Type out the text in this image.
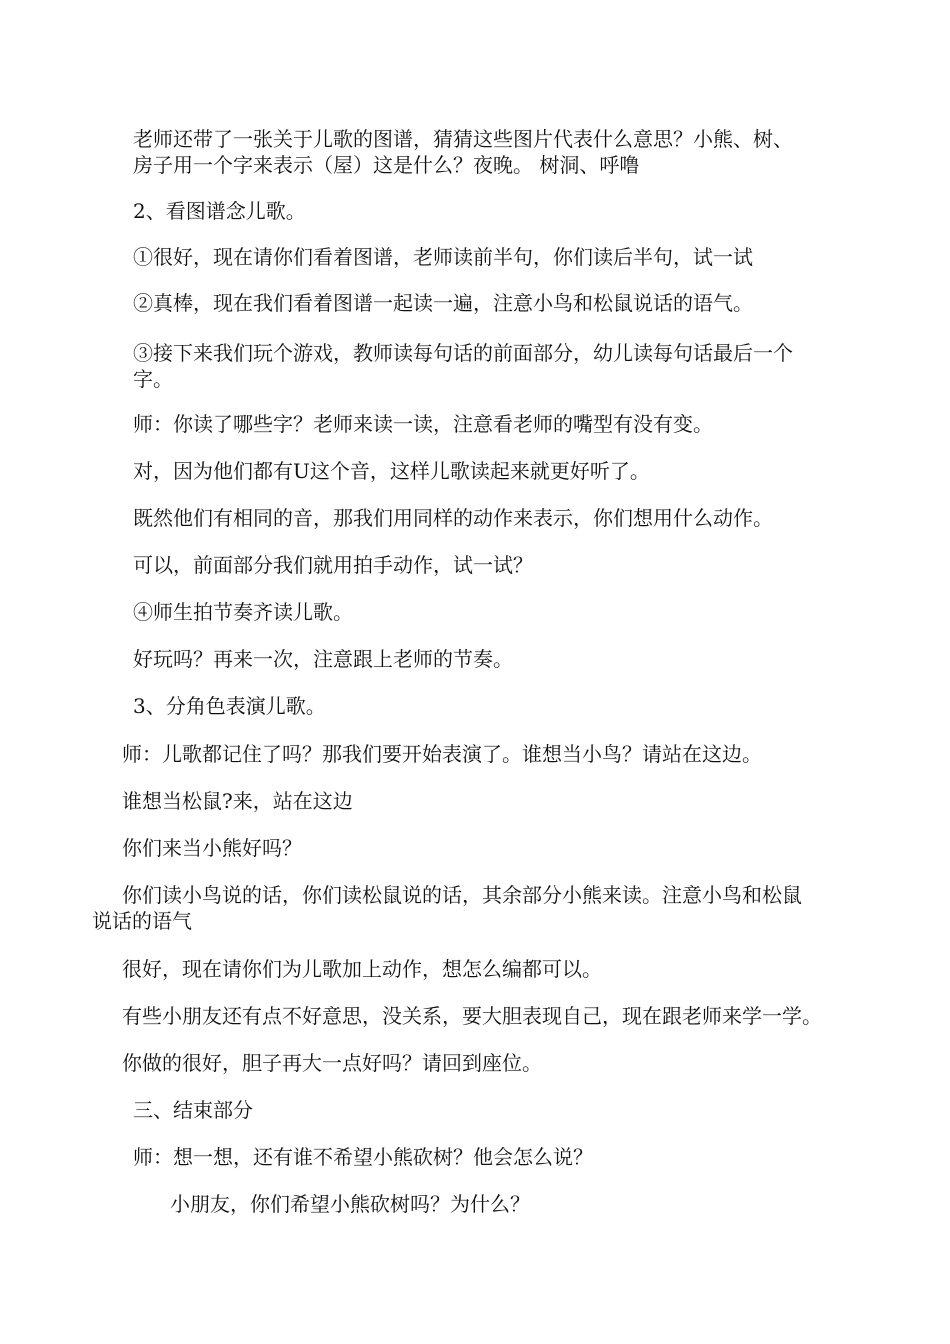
老师还带了一张关于儿歌的图谱，猜猜这些图片代表什么意思？小熊、树、
房子用一个字来表示（屋）这是什么？夜晚。 树洞、呼噜

2、看图谱念儿歌。

①很好，现在请你们看着图谱，老师读前半句，你们读后半句，试一试

②真棒，现在我们看着图谱一起读一遍，注意小鸟和松鼠说话的语气。

③接下来我们玩个游戏，教师读每句话的前面部分，幼儿读每句话最后一个
字。

师：你读了哪些字？老师来读一读，注意看老师的嘴型有没有变。

对，因为他们都有U这个音，这样儿歌读起来就更好听了。

既然他们有相同的音，那我们用同样的动作来表示，你们想用什么动作。

可以，前面部分我们就用拍手动作，试一试？

④师生拍节奏齐读儿歌。

好玩吗？再来一次，注意跟上老师的节奏。

3、分角色表演儿歌。

师：儿歌都记住了吗？那我们要开始表演了。谁想当小鸟？请站在这边。

谁想当松鼠?来，站在这边

你们来当小熊好吗？

你们读小鸟说的话，你们读松鼠说的话，其余部分小熊来读。注意小鸟和松鼠
说话的语气

很好，现在请你们为儿歌加上动作，想怎么编都可以。

有些小朋友还有点不好意思，没关系，要大胆表现自己，现在跟老师来学一学。

你做的很好，胆子再大一点好吗？请回到座位。

三、结束部分

师：想一想，还有谁不希望小熊砍树？他会怎么说？

小朋友，你们希望小熊砍树吗？为什么？
